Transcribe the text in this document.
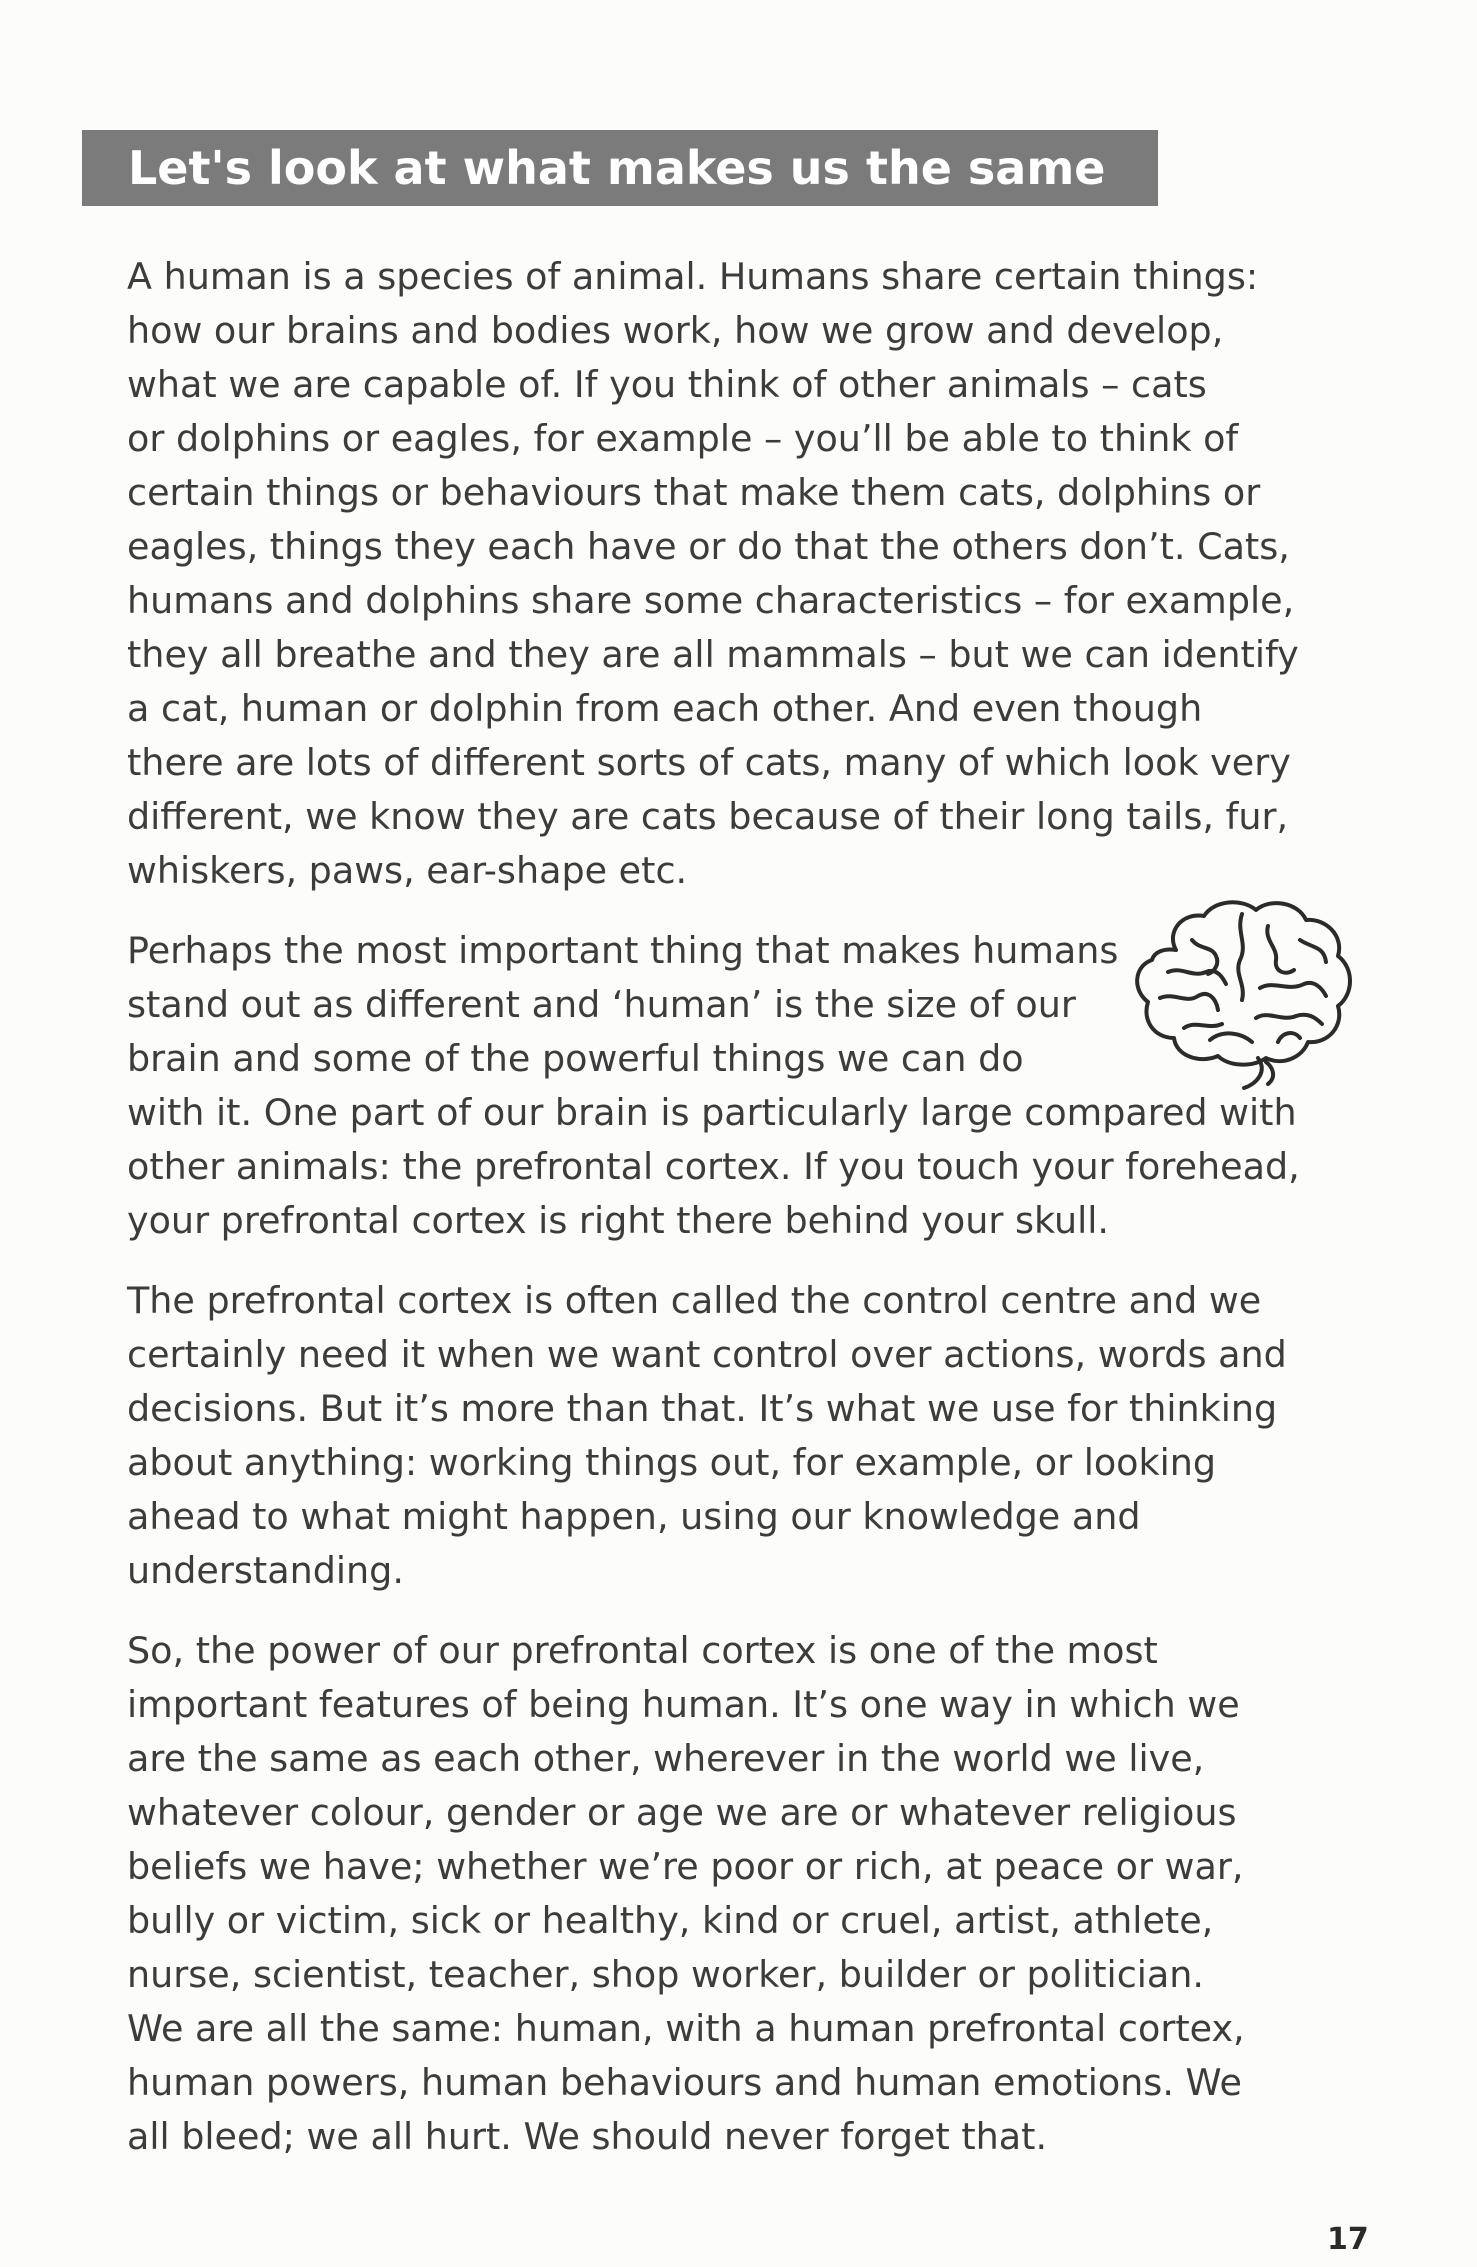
Let's look at what makes us the same

A human is a species of animal. Humans share certain things:
how our brains and bodies work, how we grow and develop,
what we are capable of. If you think of other animals – cats
or dolphins or eagles, for example – you’ll be able to think of
certain things or behaviours that make them cats, dolphins or
eagles, things they each have or do that the others don’t. Cats,
humans and dolphins share some characteristics – for example,
they all breathe and they are all mammals – but we can identify
a cat, human or dolphin from each other. And even though
there are lots of different sorts of cats, many of which look very
different, we know they are cats because of their long tails, fur,
whiskers, paws, ear-shape etc.

Perhaps the most important thing that makes humans
stand out as different and ‘human’ is the size of our
brain and some of the powerful things we can do
with it. One part of our brain is particularly large compared with
other animals: the prefrontal cortex. If you touch your forehead,
your prefrontal cortex is right there behind your skull.

The prefrontal cortex is often called the control centre and we
certainly need it when we want control over actions, words and
decisions. But it’s more than that. It’s what we use for thinking
about anything: working things out, for example, or looking
ahead to what might happen, using our knowledge and
understanding.

So, the power of our prefrontal cortex is one of the most
important features of being human. It’s one way in which we
are the same as each other, wherever in the world we live,
whatever colour, gender or age we are or whatever religious
beliefs we have; whether we’re poor or rich, at peace or war,
bully or victim, sick or healthy, kind or cruel, artist, athlete,
nurse, scientist, teacher, shop worker, builder or politician.
We are all the same: human, with a human prefrontal cortex,
human powers, human behaviours and human emotions. We
all bleed; we all hurt. We should never forget that.

17
